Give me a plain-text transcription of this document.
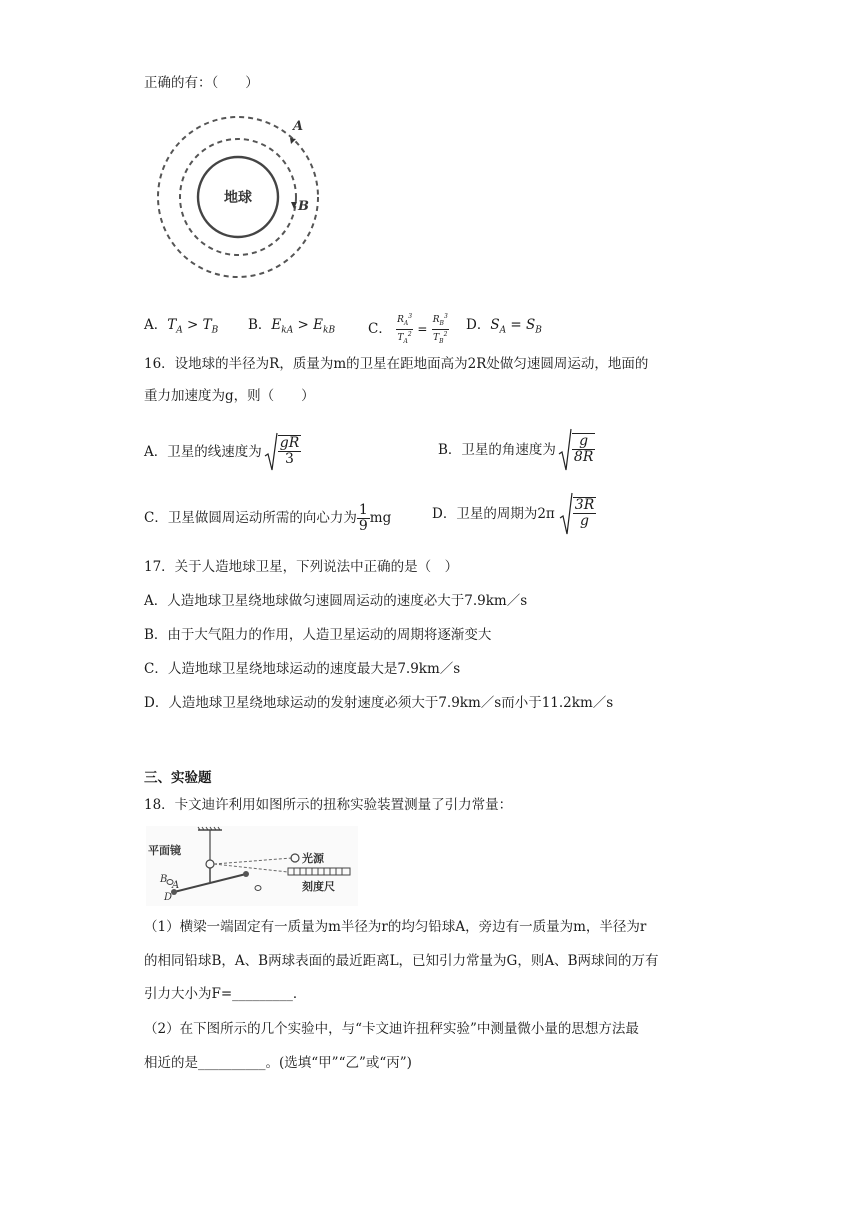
正确的有：（　　）
地球
A
B
A．$T_A > T_B$ B．$E_{kA} > E_{kB}$ C． $\frac{R_A^3}{T_A^2} = \frac{R_B^3}{T_B^2}$ D．$S_A = S_B$
16．设地球的半径为R，质量为m的卫星在距地面高为2R处做匀速圆周运动，地面的
重力加速度为g，则（　　）
A．卫星的线速度为 $\frac{gR}{3}$	B．卫星的角速度为 $\frac{g}{8R}$
C．卫星做圆周运动所需的向心力为 $\frac{1}{9}$ mg	D．卫星的周期为$2\pi \frac{3R}{g}$
17．关于人造地球卫星，下列说法中正确的是（　）
A．人造地球卫星绕地球做匀速圆周运动的速度必大于7.9km／s
B．由于大气阻力的作用，人造卫星运动的周期将逐渐变大
C．人造地球卫星绕地球运动的速度最大是7.9km／s
D．人造地球卫星绕地球运动的发射速度必须大于7.9km／s而小于11.2km／s
三、实验题
18．卡文迪许利用如图所示的扭称实验装置测量了引力常量：
平面镜
光源
刻度尺
B
A
D
（1）横梁一端固定有一质量为m半径为r的均匀铅球A，旁边有一质量为m，半径为r
的相同铅球B，A、B两球表面的最近距离L，已知引力常量为G，则A、B两球间的万有
引力大小为F=_________．
（2）在下图所示的几个实验中，与“卡文迪许扭秤实验”中测量微小量的思想方法最
相近的是__________。(选填“甲”“乙”或“丙”)
